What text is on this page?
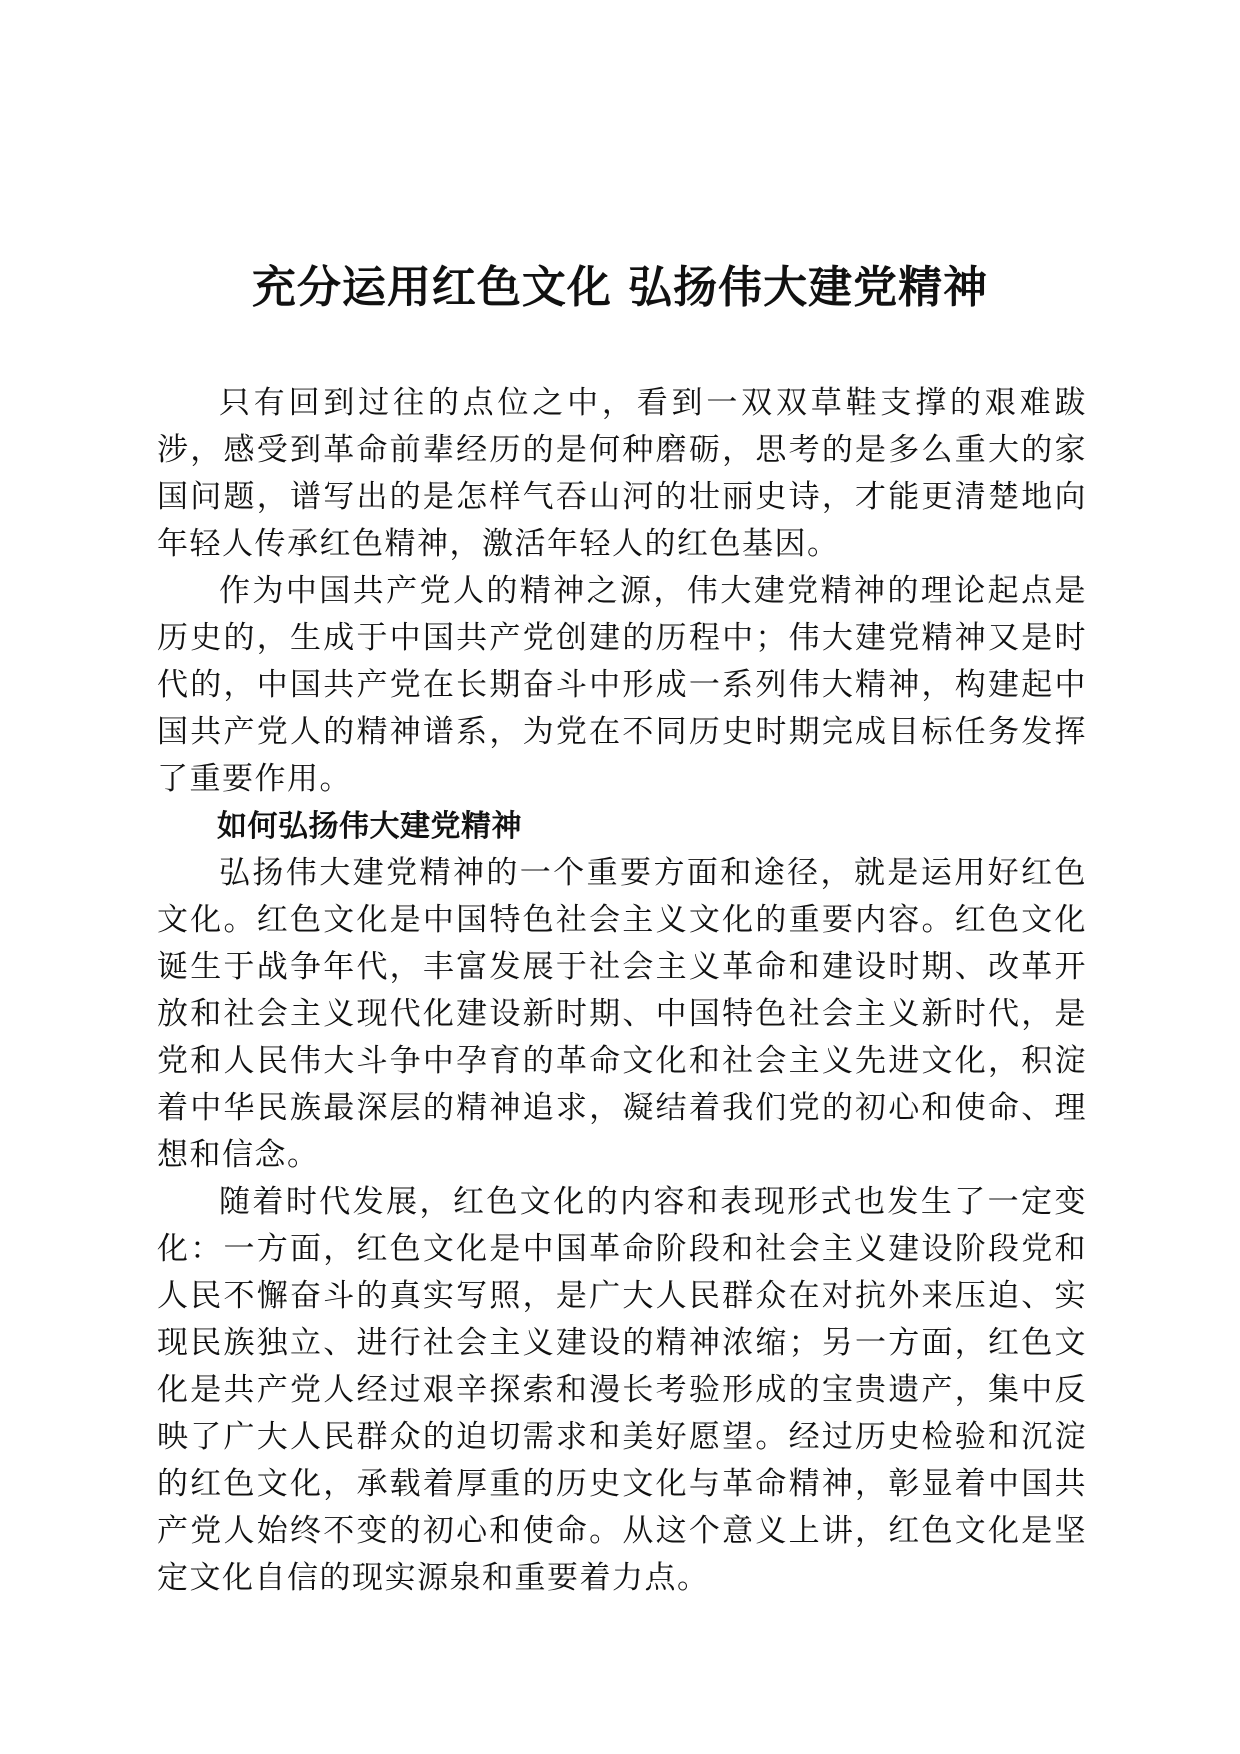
充分运用红色文化 弘扬伟大建党精神

只有回到过往的点位之中，看到一双双草鞋支撑的艰难跋涉，感受到革命前辈经历的是何种磨砺，思考的是多么重大的家国问题，谱写出的是怎样气吞山河的壮丽史诗，才能更清楚地向年轻人传承红色精神，激活年轻人的红色基因。

作为中国共产党人的精神之源，伟大建党精神的理论起点是历史的，生成于中国共产党创建的历程中；伟大建党精神又是时代的，中国共产党在长期奋斗中形成一系列伟大精神，构建起中国共产党人的精神谱系，为党在不同历史时期完成目标任务发挥了重要作用。

如何弘扬伟大建党精神

弘扬伟大建党精神的一个重要方面和途径，就是运用好红色文化。红色文化是中国特色社会主义文化的重要内容。红色文化诞生于战争年代，丰富发展于社会主义革命和建设时期、改革开放和社会主义现代化建设新时期、中国特色社会主义新时代，是党和人民伟大斗争中孕育的革命文化和社会主义先进文化，积淀着中华民族最深层的精神追求，凝结着我们党的初心和使命、理想和信念。

随着时代发展，红色文化的内容和表现形式也发生了一定变化：一方面，红色文化是中国革命阶段和社会主义建设阶段党和人民不懈奋斗的真实写照，是广大人民群众在对抗外来压迫、实现民族独立、进行社会主义建设的精神浓缩；另一方面，红色文化是共产党人经过艰辛探索和漫长考验形成的宝贵遗产，集中反映了广大人民群众的迫切需求和美好愿望。经过历史检验和沉淀的红色文化，承载着厚重的历史文化与革命精神，彰显着中国共产党人始终不变的初心和使命。从这个意义上讲，红色文化是坚定文化自信的现实源泉和重要着力点。
